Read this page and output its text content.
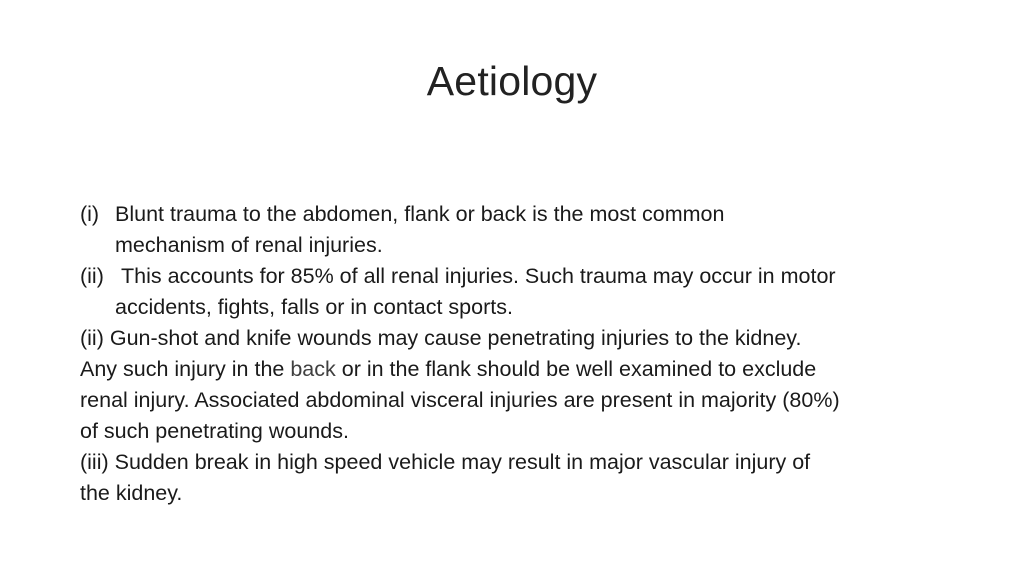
Aetiology
(i) Blunt trauma to the abdomen, flank or back is the most common mechanism of renal injuries.
(ii) This accounts for 85% of all renal injuries. Such trauma may occur in motor accidents, fights, falls or in contact sports.

(ii) Gun-shot and knife wounds may cause penetrating injuries to the kidney. Any such injury in the back or in the flank should be well examined to exclude renal injury. Associated abdominal visceral injuries are present in majority (80%) of such penetrating wounds.

(iii) Sudden break in high speed vehicle may result in major vascular injury of the kidney.
